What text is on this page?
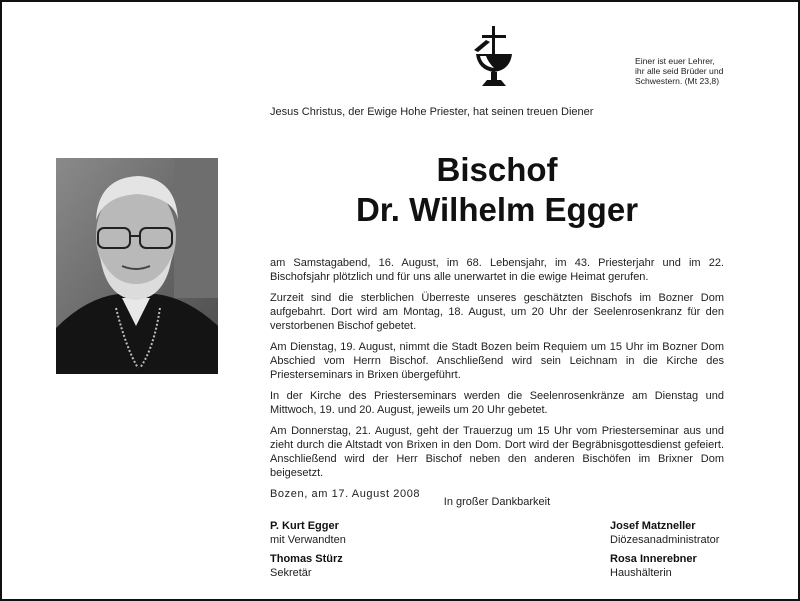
Einer ist euer Lehrer,
ihr alle seid Brüder und
Schwestern. (Mt 23,8)
Jesus Christus, der Ewige Hohe Priester, hat seinen treuen Diener
Bischof
Dr. Wilhelm Egger

am Samstagabend, 16. August, im 68. Lebensjahr, im 43. Priesterjahr und im 22. Bischofsjahr plötzlich und für uns alle unerwartet in die ewige Heimat gerufen.

Zurzeit sind die sterblichen Überreste unseres geschätzten Bischofs im Bozner Dom aufgebahrt. Dort wird am Montag, 18. August, um 20 Uhr der Seelenrosenkranz für den verstorbenen Bischof gebetet.

Am Dienstag, 19. August, nimmt die Stadt Bozen beim Requiem um 15 Uhr im Bozner Dom Abschied vom Herrn Bischof. Anschließend wird sein Leichnam in die Kirche des Priesterseminars in Brixen übergeführt.

In der Kirche des Priesterseminars werden die Seelenrosenkränze am Dienstag und Mittwoch, 19. und 20. August, jeweils um 20 Uhr gebetet.

Am Donnerstag, 21. August, geht der Trauerzug um 15 Uhr vom Priesterseminar aus und zieht durch die Altstadt von Brixen in den Dom. Dort wird der Begräbnisgottesdienst gefeiert. Anschließend wird der Herr Bischof neben den anderen Bischöfen im Brixner Dom beigesetzt.

Bozen, am 17. August 2008

In großer Dankbarkeit
P. Kurt Egger
mit Verwandten
Josef Matzneller
Diözesanadministrator
Thomas Stürz
Sekretär
Rosa Innerebner
Haushälterin
